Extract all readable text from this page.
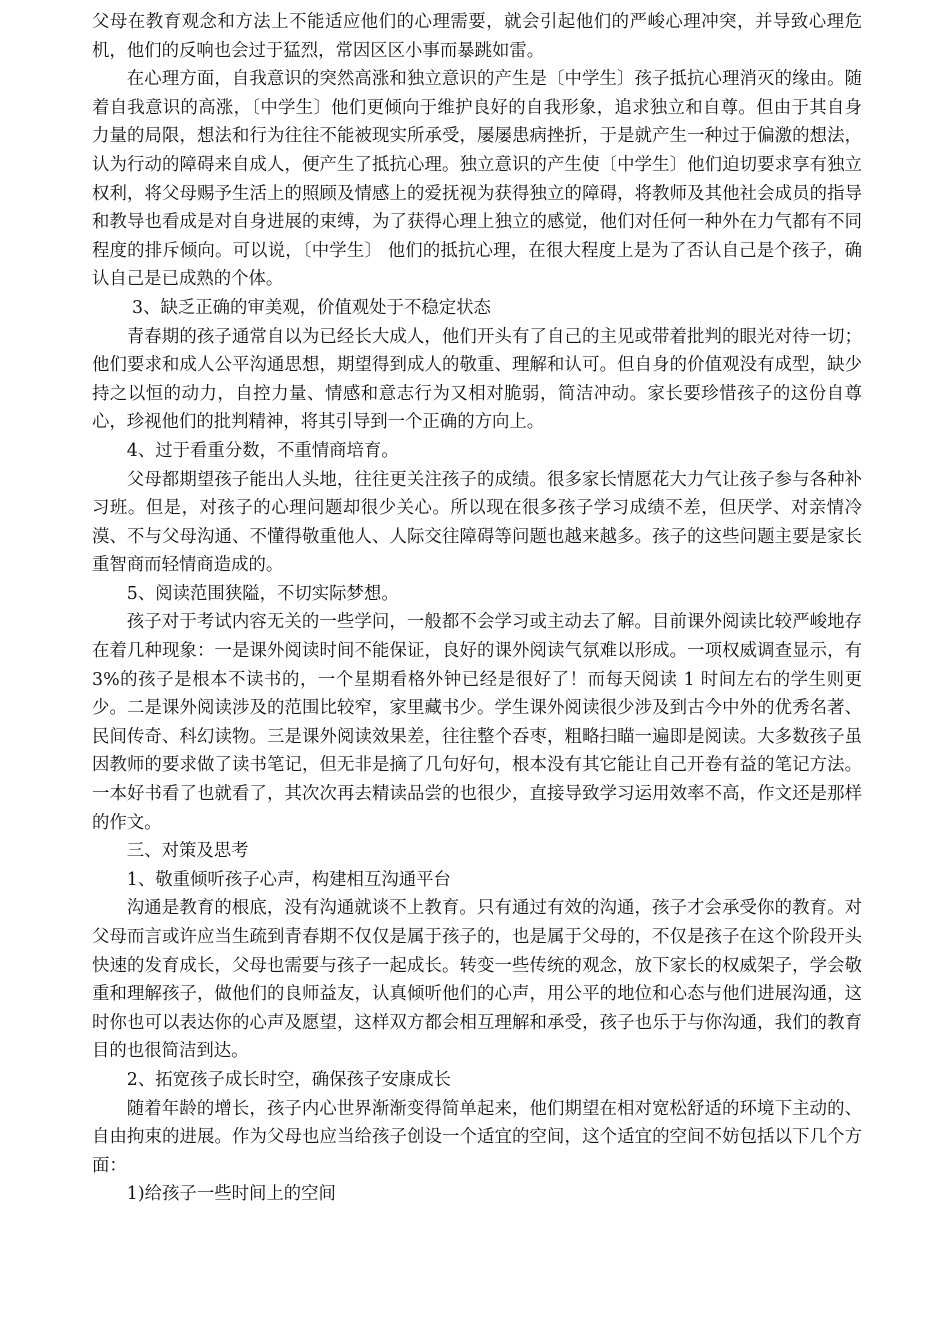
父母在教育观念和方法上不能适应他们的心理需要，就会引起他们的严峻心理冲突，并导致心理危机，他们的反响也会过于猛烈，常因区区小事而暴跳如雷。

在心理方面，自我意识的突然高涨和独立意识的产生是〔中学生〕孩子抵抗心理消灭的缘由。随着自我意识的高涨，〔中学生〕他们更倾向于维护良好的自我形象，追求独立和自尊。但由于其自身力量的局限，想法和行为往往不能被现实所承受，屡屡患病挫折，于是就产生一种过于偏激的想法，认为行动的障碍来自成人，便产生了抵抗心理。独立意识的产生使〔中学生〕他们迫切要求享有独立权利，将父母赐予生活上的照顾及情感上的爱抚视为获得独立的障碍，将教师及其他社会成员的指导和教导也看成是对自身进展的束缚，为了获得心理上独立的感觉，他们对任何一种外在力气都有不同程度的排斥倾向。可以说，〔中学生〕 他们的抵抗心理，在很大程度上是为了否认自己是个孩子，确认自己是已成熟的个体。

3、缺乏正确的审美观，价值观处于不稳定状态

青春期的孩子通常自以为已经长大成人，他们开头有了自己的主见或带着批判的眼光对待一切；他们要求和成人公平沟通思想，期望得到成人的敬重、理解和认可。但自身的价值观没有成型，缺少持之以恒的动力，自控力量、情感和意志行为又相对脆弱，简洁冲动。家长要珍惜孩子的这份自尊心，珍视他们的批判精神，将其引导到一个正确的方向上。

4、过于看重分数，不重情商培育。

父母都期望孩子能出人头地，往往更关注孩子的成绩。很多家长情愿花大力气让孩子参与各种补习班。但是，对孩子的心理问题却很少关心。所以现在很多孩子学习成绩不差，但厌学、对亲情冷漠、不与父母沟通、不懂得敬重他人、人际交往障碍等问题也越来越多。孩子的这些问题主要是家长重智商而轻情商造成的。

5、阅读范围狭隘，不切实际梦想。

孩子对于考试内容无关的一些学问，一般都不会学习或主动去了解。目前课外阅读比较严峻地存在着几种现象：一是课外阅读时间不能保证，良好的课外阅读气氛难以形成。一项权威调查显示，有 3%的孩子是根本不读书的，一个星期看格外钟已经是很好了！而每天阅读 1 时间左右的学生则更少。二是课外阅读涉及的范围比较窄，家里藏书少。学生课外阅读很少涉及到古今中外的优秀名著、民间传奇、科幻读物。三是课外阅读效果差，往往整个吞枣，粗略扫瞄一遍即是阅读。大多数孩子虽因教师的要求做了读书笔记，但无非是摘了几句好句，根本没有其它能让自己开卷有益的笔记方法。一本好书看了也就看了，其次次再去精读品尝的也很少，直接导致学习运用效率不高，作文还是那样的作文。

三、对策及思考

1、敬重倾听孩子心声，构建相互沟通平台

沟通是教育的根底，没有沟通就谈不上教育。只有通过有效的沟通，孩子才会承受你的教育。对父母而言或许应当生疏到青春期不仅仅是属于孩子的，也是属于父母的，不仅是孩子在这个阶段开头快速的发育成长，父母也需要与孩子一起成长。转变一些传统的观念，放下家长的权威架子，学会敬重和理解孩子，做他们的良师益友，认真倾听他们的心声，用公平的地位和心态与他们进展沟通，这时你也可以表达你的心声及愿望，这样双方都会相互理解和承受，孩子也乐于与你沟通，我们的教育目的也很简洁到达。

2、拓宽孩子成长时空，确保孩子安康成长

随着年龄的增长，孩子内心世界渐渐变得简单起来，他们期望在相对宽松舒适的环境下主动的、自由拘束的进展。作为父母也应当给孩子创设一个适宜的空间，这个适宜的空间不妨包括以下几个方面：

1)给孩子一些时间上的空间
